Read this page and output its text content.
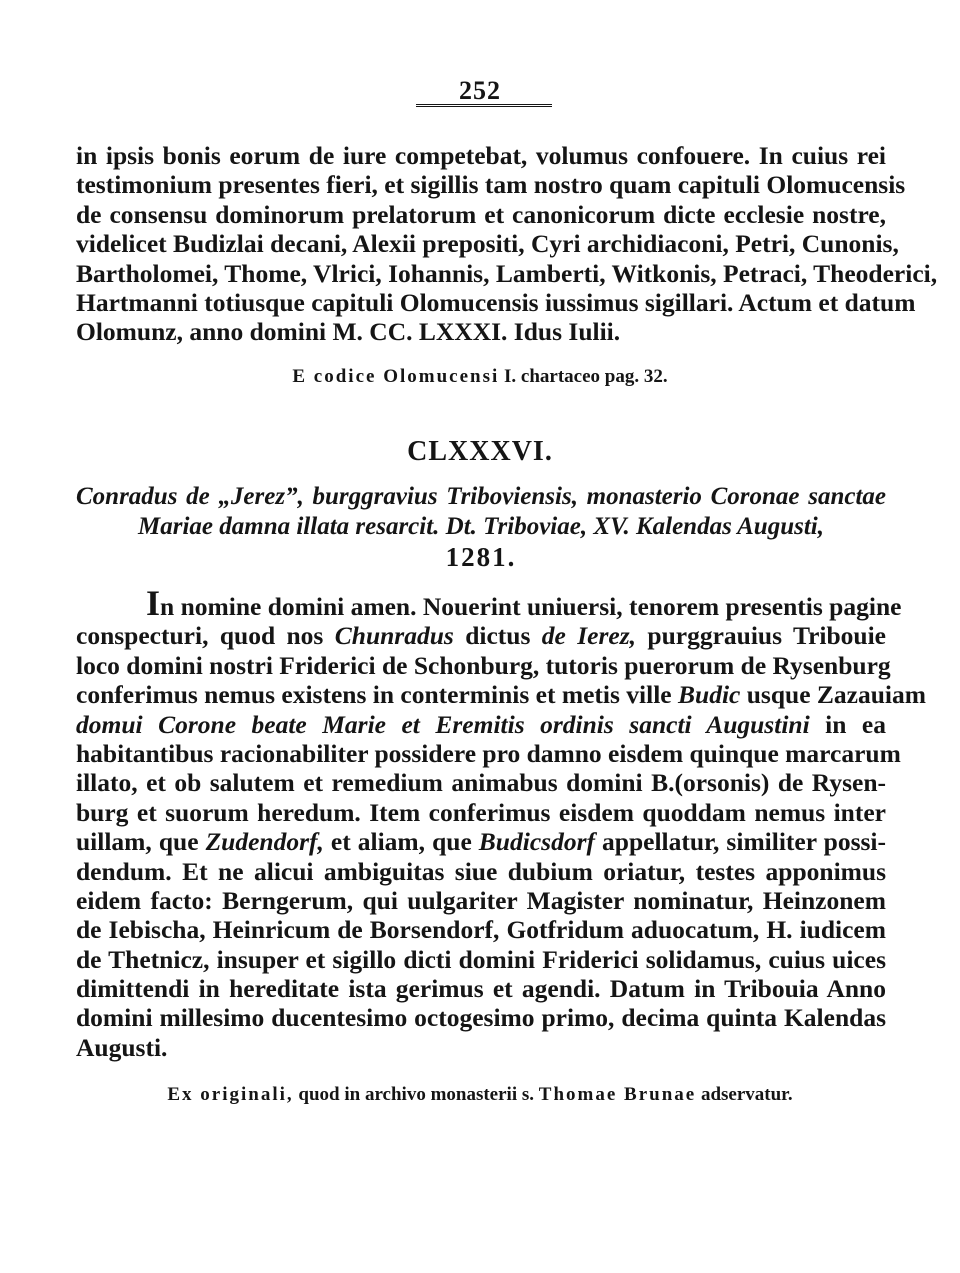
252
in ipsis bonis eorum de iure competebat, volumus confouere. In cuius rei
testimonium presentes fieri, et sigillis tam nostro quam capituli Olomucensis
de consensu dominorum prelatorum et canonicorum dicte ecclesie nostre,
videlicet Budizlai decani, Alexii prepositi, Cyri archidiaconi, Petri, Cunonis,
Bartholomei, Thome, Vlrici, Iohannis, Lamberti, Witkonis, Petraci, Theoderici,
Hartmanni totiusque capituli Olomucensis iussimus sigillari. Actum et datum
Olomunz, anno domini M. CC. LXXXI. Idus Iulii.
E codice Olomucensi I. chartaceo pag. 32.
CLXXXVI.
Conradus de „Jerez”, burggravius Triboviensis, monasterio Coronae sanctae
Mariae damna illata resarcit. Dt. Triboviae, XV. Kalendas Augusti,
1281.
In nomine domini amen. Nouerint uniuersi, tenorem presentis pagine
conspecturi, quod nos Chunradus dictus de Ierez, purggrauius Tribouie
loco domini nostri Friderici de Schonburg, tutoris puerorum de Rysenburg
conferimus nemus existens in conterminis et metis ville Budic usque Zazauiam
domui Corone beate Marie et Eremitis ordinis sancti Augustini in ea
habitantibus racionabiliter possidere pro damno eisdem quinque marcarum
illato, et ob salutem et remedium animabus domini B.(orsonis) de Rysen-
burg et suorum heredum. Item conferimus eisdem quoddam nemus inter
uillam, que Zudendorf, et aliam, que Budicsdorf appellatur, similiter possi-
dendum. Et ne alicui ambiguitas siue dubium oriatur, testes apponimus
eidem facto: Berngerum, qui uulgariter Magister nominatur, Heinzonem
de Iebischa, Heinricum de Borsendorf, Gotfridum aduocatum, H. iudicem
de Thetnicz, insuper et sigillo dicti domini Friderici solidamus, cuius uices
dimittendi in hereditate ista gerimus et agendi. Datum in Tribouia Anno
domini millesimo ducentesimo octogesimo primo, decima quinta Kalendas
Augusti.
Ex originali, quod in archivo monasterii s. Thomae Brunae adservatur.
